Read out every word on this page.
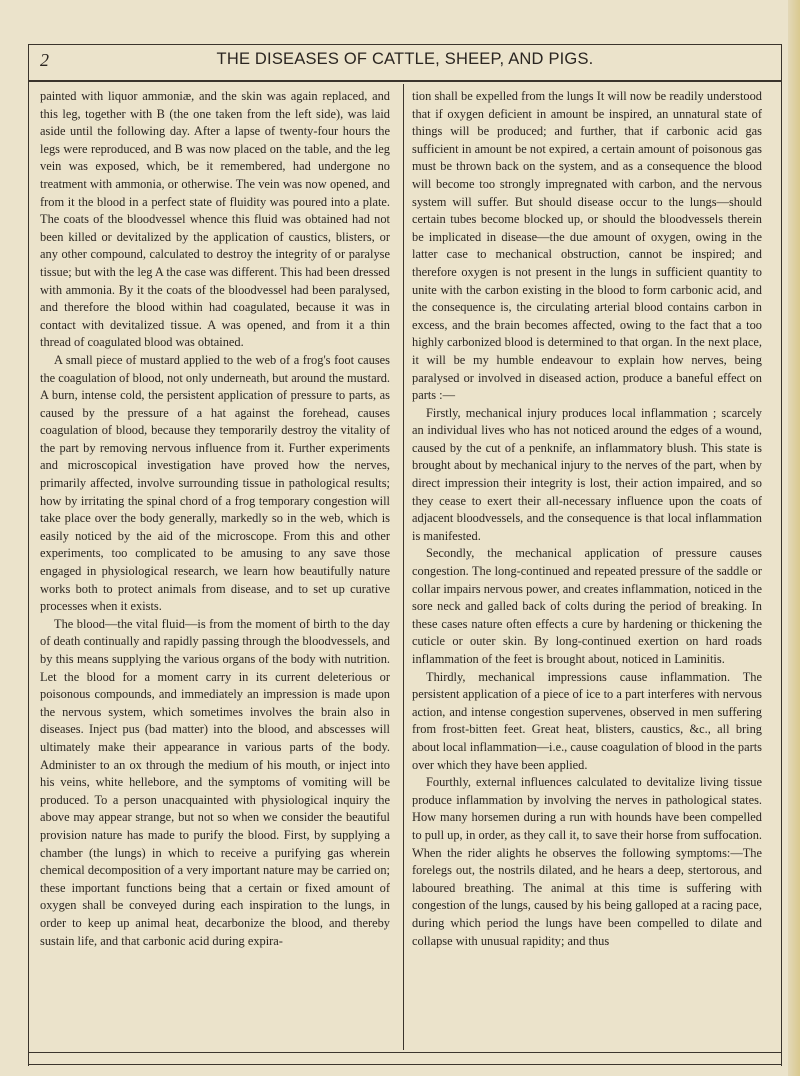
2	THE DISEASES OF CATTLE, SHEEP, AND PIGS.

painted with liquor ammoniæ, and the skin was again replaced, and this leg, together with B (the one taken from the left side), was laid aside until the following day. After a lapse of twenty-four hours the legs were reproduced, and B was now placed on the table, and the leg vein was exposed, which, be it remembered, had undergone no treatment with ammonia, or otherwise. The vein was now opened, and from it the blood in a perfect state of fluidity was poured into a plate. The coats of the bloodvessel whence this fluid was obtained had not been killed or devitalized by the application of caustics, blisters, or any other compound, calculated to destroy the integrity of or paralyse tissue; but with the leg A the case was different. This had been dressed with ammonia. By it the coats of the bloodvessel had been paralysed, and therefore the blood within had coagulated, because it was in contact with devitalized tissue. A was opened, and from it a thin thread of coagulated blood was obtained.

A small piece of mustard applied to the web of a frog's foot causes the coagulation of blood, not only underneath, but around the mustard. A burn, intense cold, the persistent application of pressure to parts, as caused by the pressure of a hat against the forehead, causes coagulation of blood, because they temporarily destroy the vitality of the part by removing nervous influence from it. Further experiments and microscopical investigation have proved how the nerves, primarily affected, involve surrounding tissue in pathological results; how by irritating the spinal chord of a frog temporary congestion will take place over the body generally, markedly so in the web, which is easily noticed by the aid of the microscope. From this and other experiments, too complicated to be amusing to any save those engaged in physiological research, we learn how beautifully nature works both to protect animals from disease, and to set up curative processes when it exists.

The blood—the vital fluid—is from the moment of birth to the day of death continually and rapidly passing through the bloodvessels, and by this means supplying the various organs of the body with nutrition. Let the blood for a moment carry in its current deleterious or poisonous compounds, and immediately an impression is made upon the nervous system, which sometimes involves the brain also in diseases. Inject pus (bad matter) into the blood, and abscesses will ultimately make their appearance in various parts of the body. Administer to an ox through the medium of his mouth, or inject into his veins, white hellebore, and the symptoms of vomiting will be produced. To a person unacquainted with physiological inquiry the above may appear strange, but not so when we consider the beautiful provision nature has made to purify the blood. First, by supplying a chamber (the lungs) in which to receive a purifying gas wherein chemical decomposition of a very important nature may be carried on; these important functions being that a certain or fixed amount of oxygen shall be conveyed during each inspiration to the lungs, in order to keep up animal heat, decarbonize the blood, and thereby sustain life, and that carbonic acid during expira-

tion shall be expelled from the lungs It will now be readily understood that if oxygen deficient in amount be inspired, an unnatural state of things will be produced; and further, that if carbonic acid gas sufficient in amount be not expired, a certain amount of poisonous gas must be thrown back on the system, and as a consequence the blood will become too strongly impregnated with carbon, and the nervous system will suffer. But should disease occur to the lungs—should certain tubes become blocked up, or should the bloodvessels therein be implicated in disease—the due amount of oxygen, owing in the latter case to mechanical obstruction, cannot be inspired; and therefore oxygen is not present in the lungs in sufficient quantity to unite with the carbon existing in the blood to form carbonic acid, and the consequence is, the circulating arterial blood contains carbon in excess, and the brain becomes affected, owing to the fact that a too highly carbonized blood is determined to that organ. In the next place, it will be my humble endeavour to explain how nerves, being paralysed or involved in diseased action, produce a baneful effect on parts :—

Firstly, mechanical injury produces local inflammation ; scarcely an individual lives who has not noticed around the edges of a wound, caused by the cut of a penknife, an inflammatory blush. This state is brought about by mechanical injury to the nerves of the part, when by direct impression their integrity is lost, their action impaired, and so they cease to exert their all-necessary influence upon the coats of adjacent bloodvessels, and the consequence is that local inflammation is manifested.

Secondly, the mechanical application of pressure causes congestion. The long-continued and repeated pressure of the saddle or collar impairs nervous power, and creates inflammation, noticed in the sore neck and galled back of colts during the period of breaking. In these cases nature often effects a cure by hardening or thickening the cuticle or outer skin. By long-continued exertion on hard roads inflammation of the feet is brought about, noticed in Laminitis.

Thirdly, mechanical impressions cause inflammation. The persistent application of a piece of ice to a part interferes with nervous action, and intense congestion supervenes, observed in men suffering from frost-bitten feet. Great heat, blisters, caustics, &c., all bring about local inflammation—i.e., cause coagulation of blood in the parts over which they have been applied.

Fourthly, external influences calculated to devitalize living tissue produce inflammation by involving the nerves in pathological states. How many horsemen during a run with hounds have been compelled to pull up, in order, as they call it, to save their horse from suffocation. When the rider alights he observes the following symptoms:—The forelegs out, the nostrils dilated, and he hears a deep, stertorous, and laboured breathing. The animal at this time is suffering with congestion of the lungs, caused by his being galloped at a racing pace, during which period the lungs have been compelled to dilate and collapse with unusual rapidity; and thus
